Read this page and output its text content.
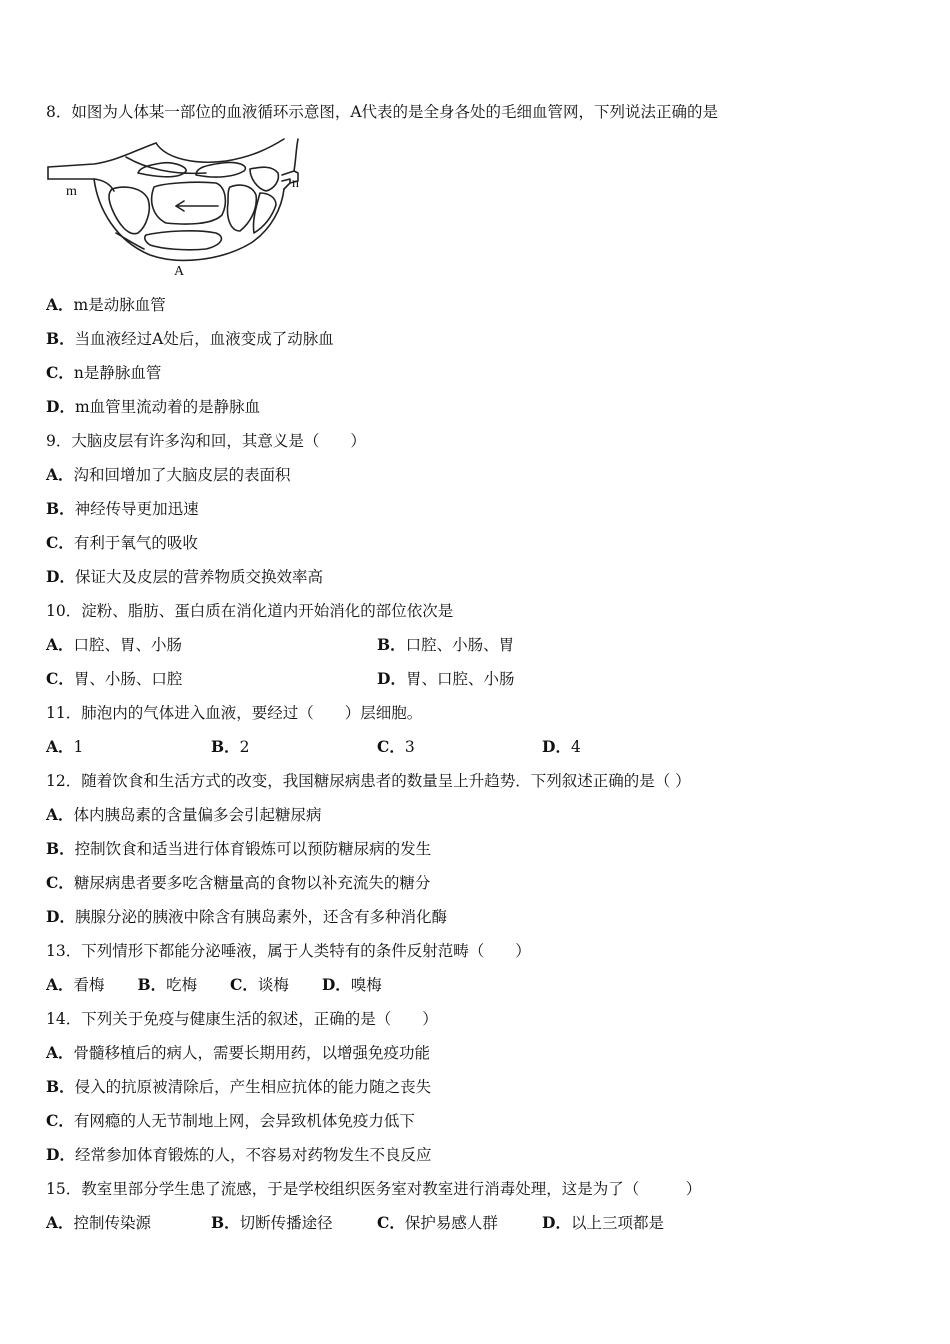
8．如图为人体某一部位的血液循环示意图，A代表的是全身各处的毛细血管网，下列说法正确的是
m
n
A
A．m是动脉血管
B．当血液经过A处后，血液变成了动脉血
C．n是静脉血管
D．m血管里流动着的是静脉血
9．大脑皮层有许多沟和回，其意义是（　　）
A．沟和回增加了大脑皮层的表面积
B．神经传导更加迅速
C．有利于氧气的吸收
D．保证大及皮层的营养物质交换效率高
10．淀粉、脂肪、蛋白质在消化道内开始消化的部位依次是
A．口腔、胃、小肠	B．口腔、小肠、胃
C．胃、小肠、口腔	D．胃、口腔、小肠
11．肺泡内的气体进入血液，要经过（　　）层细胞。
A．1	B．2	C．3	D．4
12．随着饮食和生活方式的改变，我国糖尿病患者的数量呈上升趋势．下列叙述正确的是（ ）
A．体内胰岛素的含量偏多会引起糖尿病
B．控制饮食和适当进行体育锻炼可以预防糖尿病的发生
C．糖尿病患者要多吃含糖量高的食物以补充流失的糖分
D．胰腺分泌的胰液中除含有胰岛素外，还含有多种消化酶
13．下列情形下都能分泌唾液，属于人类特有的条件反射范畴（　　）
A．看梅 B．吃梅 C．谈梅 D．嗅梅
14．下列关于免疫与健康生活的叙述，正确的是（　　）
A．骨髓移植后的病人，需要长期用药，以增强免疫功能
B．侵入的抗原被清除后，产生相应抗体的能力随之丧失
C．有网瘾的人无节制地上网，会异致机体免疫力低下
D．经常参加体育锻炼的人，不容易对药物发生不良反应
15．教室里部分学生患了流感，于是学校组织医务室对教室进行消毒处理，这是为了（　　　）
A．控制传染源	B．切断传播途径	C．保护易感人群	D．以上三项都是
